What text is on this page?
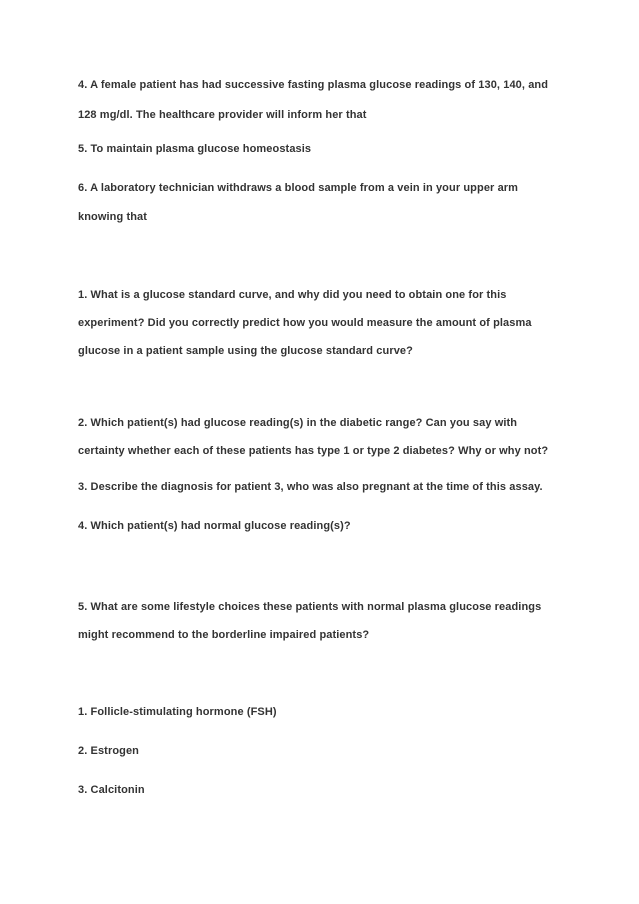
4. A female patient has had successive fasting plasma glucose readings of 130, 140, and

128 mg/dl. The healthcare provider will inform her that

5. To maintain plasma glucose homeostasis

6. A laboratory technician withdraws a blood sample from a vein in your upper arm

knowing that

1. What is a glucose standard curve, and why did you need to obtain one for this

experiment? Did you correctly predict how you would measure the amount of plasma

glucose in a patient sample using the glucose standard curve?

2. Which patient(s) had glucose reading(s) in the diabetic range? Can you say with

certainty whether each of these patients has type 1 or type 2 diabetes? Why or why not?

3. Describe the diagnosis for patient 3, who was also pregnant at the time of this assay.

4. Which patient(s) had normal glucose reading(s)?

5. What are some lifestyle choices these patients with normal plasma glucose readings

might recommend to the borderline impaired patients?

1. Follicle-stimulating hormone (FSH)

2. Estrogen

3. Calcitonin
